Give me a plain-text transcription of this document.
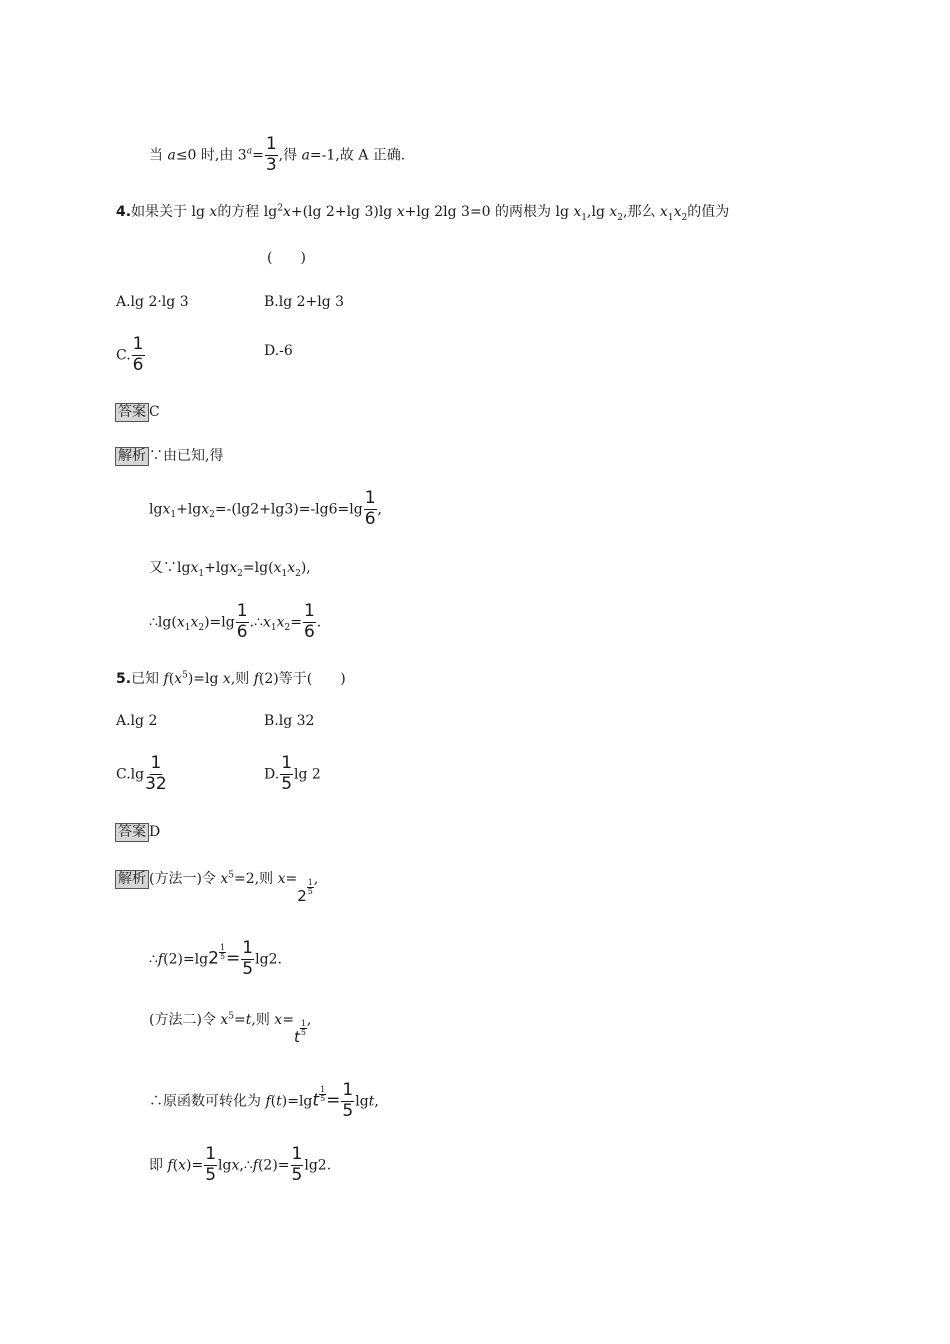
当 a≤0 时,由 $3^a= \frac{1}{3}$ ,得 a=-1,故 A 正确.
4.如果关于 lg x的方程 $\lg^2x+(\lg$ 2+lg 3)lg x+lg 2lg 3=0 的两根为 $\lg x_1,\lg$ $x_2$,那么 $x_1x_2$的值为
(　　)
A.lg 2·lg 3	B.lg 2+lg 3
C. $\frac{1}{6}$	D.-6
答案 C
解析 ∵由已知,得
$\lg x_1+\lg x_2=-(\lg 2+\lg 3)=-\lg 6=\lg \frac{1}{6}$ ,
又$\because\lg x_1+\lg x_2=\lg(x_1x_2)$,
$\therefore\lg(x_1x_2)=\lg \frac{1}{6}$ $.\therefore x_1x_2= \frac{1}{6}$ .
5.已知 $f(x^5)=\lg$ x,则 f(2)等于(　　)
A.lg 2	B.lg 32
$C.\lg \frac{1}{32}$	D. $\frac{1}{5}$ lg 2
答案 D
解析 (方法一)令 $x^5=2$,则 $x=2 \frac{1}{5}$
,
∴f(2)=lg2 $\frac{1}{5} = \frac{1}{5} \lg 2$.
(方法二)令 $x^5=t$,则 $x=t \frac{1}{5}$
,
∴原函数可转化为 $f(t)=\lg t \frac{1}{5} = \frac{1}{5} \lg t$,
即 $f(x)= \frac{1}{5}$ lgx,∴f(2)= $\frac{1}{5} \lg 2$.
